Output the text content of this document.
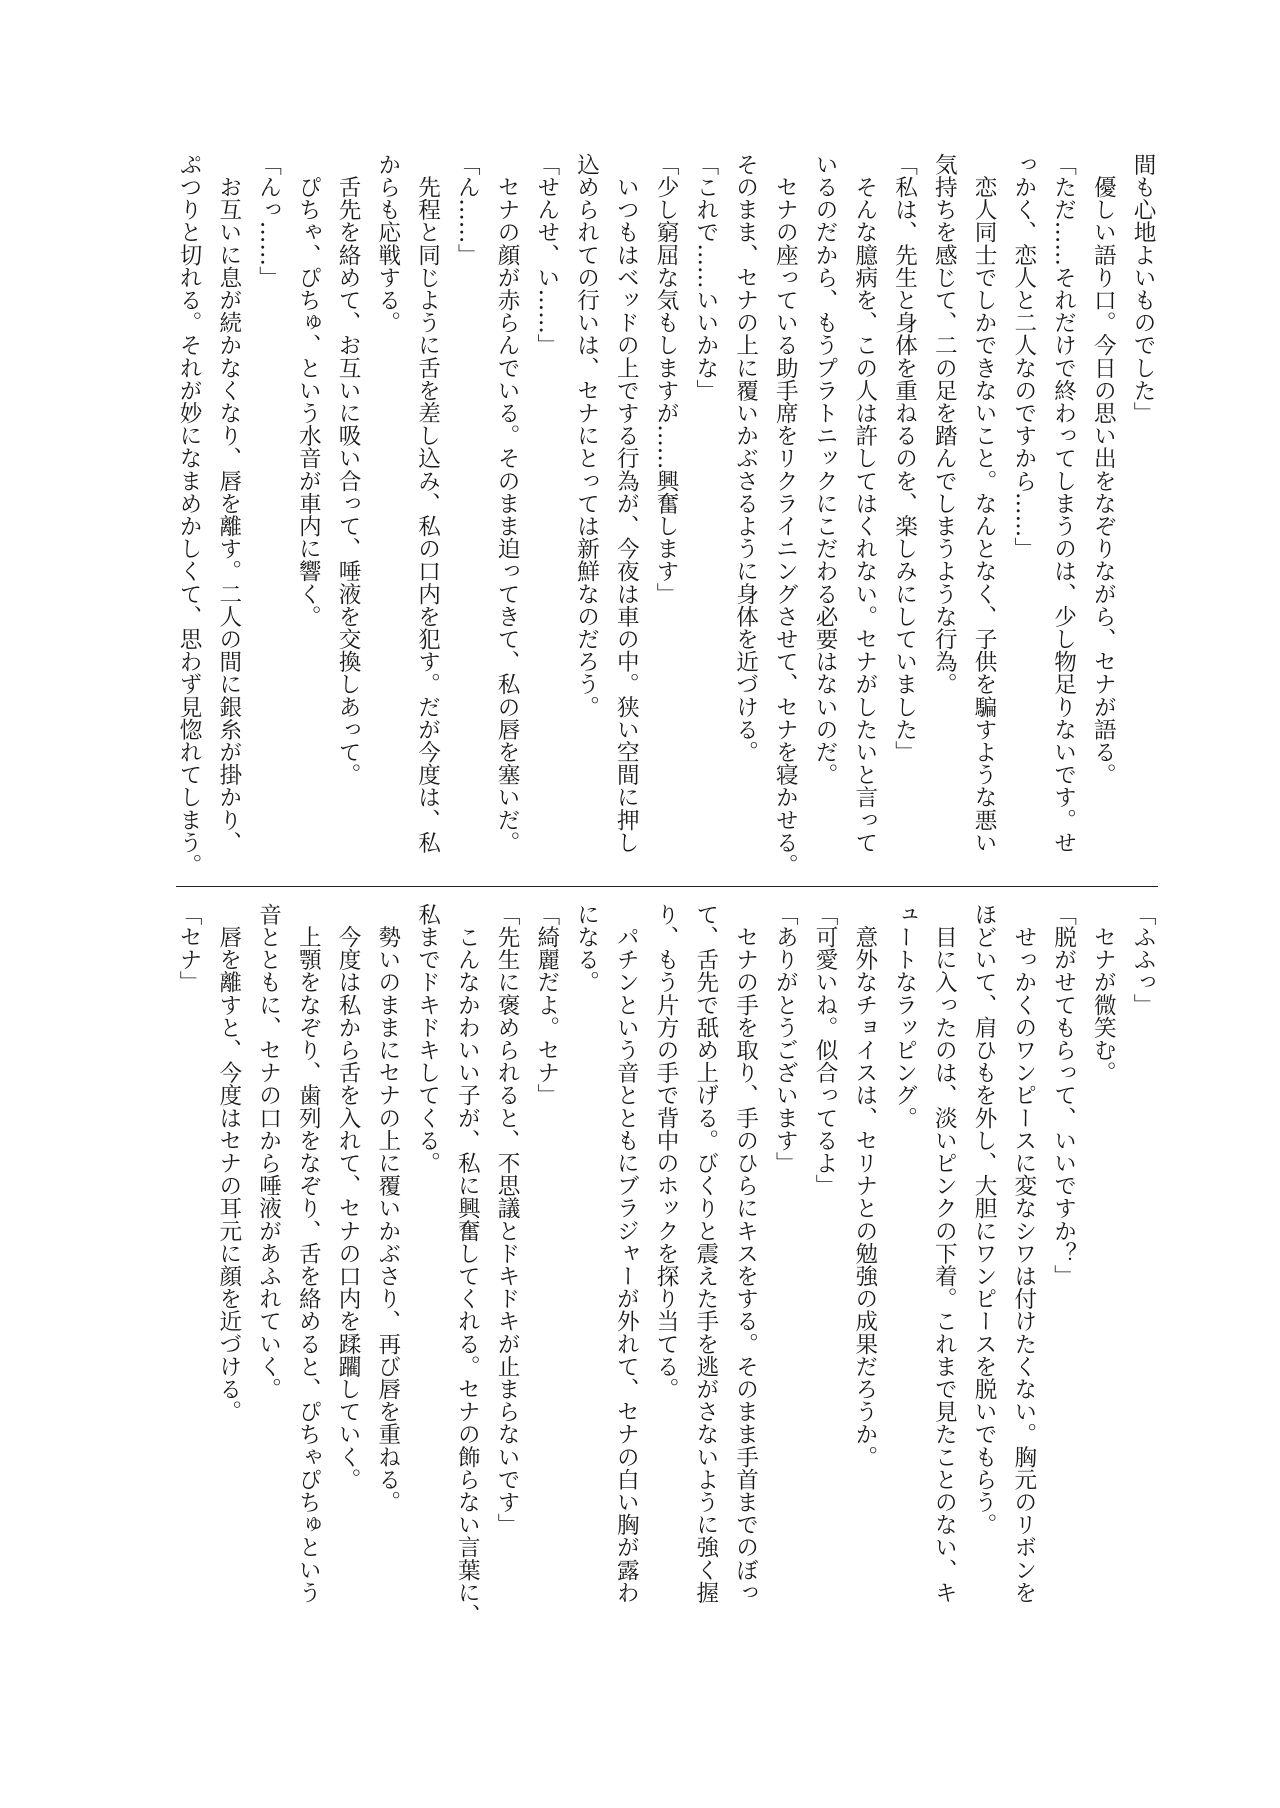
間も心地よいものでした」
　優しい語り口。今日の思い出をなぞりながら、セナが語る。
「ただ……それだけで終わってしまうのは、少し物足りないです。せ
っかく、恋人と二人なのですから……」
　恋人同士でしかできないこと。なんとなく、子供を騙すような悪い
気持ちを感じて、二の足を踏んでしまうような行為。
「私は、先生と身体を重ねるのを、楽しみにしていました」
　そんな臆病を、この人は許してはくれない。セナがしたいと言って
いるのだから、もうプラトニックにこだわる必要はないのだ。
　セナの座っている助手席をリクライニングさせて、セナを寝かせる。
そのまま、セナの上に覆いかぶさるように身体を近づける。
「これで……いいかな」
「少し窮屈な気もしますが……興奮します」
　いつもはベッドの上でする行為が、今夜は車の中。狭い空間に押し
込められての行いは、セナにとっては新鮮なのだろう。
「せんせ、い……」
　セナの顔が赤らんでいる。そのまま迫ってきて、私の唇を塞いだ。
「ん……」
　先程と同じように舌を差し込み、私の口内を犯す。だが今度は、私
からも応戦する。
　舌先を絡めて、お互いに吸い合って、唾液を交換しあって。
　ぴちゃ、ぴちゅ、という水音が車内に響く。
「んっ……」
　お互いに息が続かなくなり、唇を離す。二人の間に銀糸が掛かり、
ぷつりと切れる。それが妙になまめかしくて、思わず見惚れてしまう。
「ふふっ」
　セナが微笑む。
「脱がせてもらって、いいですか？」
　せっかくのワンピースに変なシワは付けたくない。胸元のリボンを
ほどいて、肩ひもを外し、大胆にワンピースを脱いでもらう。
　目に入ったのは、淡いピンクの下着。これまで見たことのない、キ
ュートなラッピング。
　意外なチョイスは、セリナとの勉強の成果だろうか。
「可愛いね。似合ってるよ」
「ありがとうございます」
　セナの手を取り、手のひらにキスをする。そのまま手首までのぼっ
て、舌先で舐め上げる。びくりと震えた手を逃がさないように強く握
り、もう片方の手で背中のホックを探り当てる。
　パチンという音とともにブラジャーが外れて、セナの白い胸が露わ
になる。
「綺麗だよ。セナ」
「先生に褒められると、不思議とドキドキが止まらないです」
　こんなかわいい子が、私に興奮してくれる。セナの飾らない言葉に、
私までドキドキしてくる。
　勢いのままにセナの上に覆いかぶさり、再び唇を重ねる。
　今度は私から舌を入れて、セナの口内を蹂躙していく。
　上顎をなぞり、歯列をなぞり、舌を絡めると、ぴちゃぴちゅという
音とともに、セナの口から唾液があふれていく。
　唇を離すと、今度はセナの耳元に顔を近づける。
「セナ」
